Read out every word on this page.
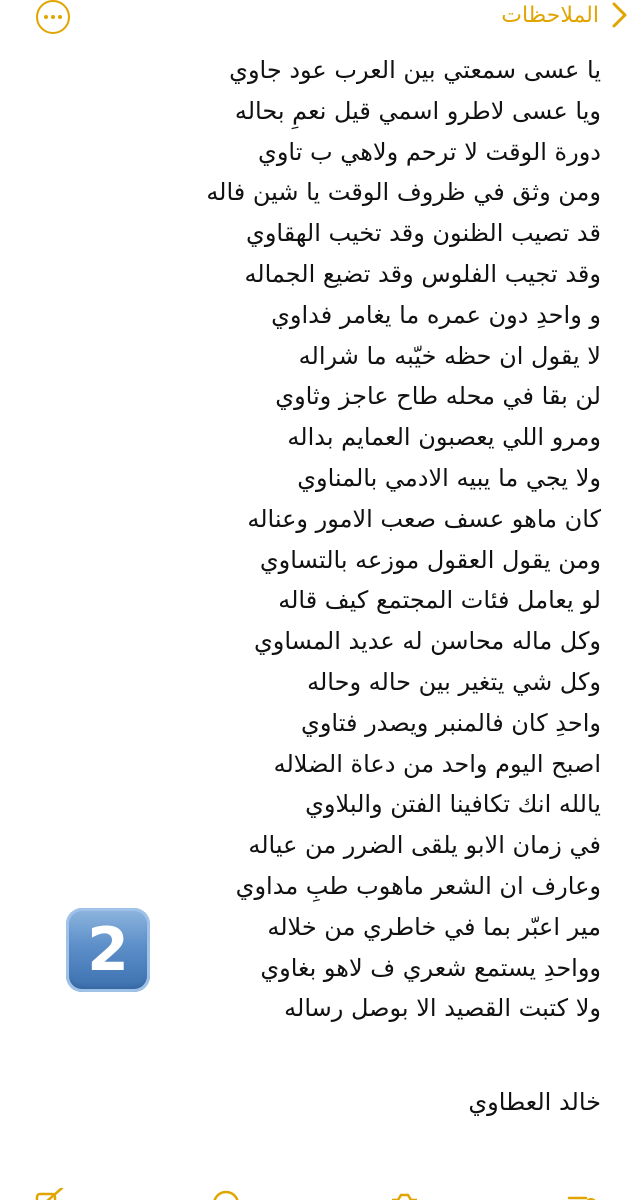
الملاحظات
يا عسى سمعتي بين العرب عود جاوي
ويا عسى لاطرو اسمي قيل نعمِ بحاله
دورة الوقت لا ترحم ولاهي ب تاوي
ومن وثق في ظروف الوقت يا شين فاله
قد تصيب الظنون وقد تخيب الهقاوي
وقد تجيب الفلوس وقد تضيع الجماله
و واحدِ دون عمره ما يغامر فداوي
لا يقول ان حظه خيّبه ما شراله
لن بقا في محله طاح عاجز وثاوي
ومرو اللي يعصبون العمايم بداله
ولا يجي ما يبيه الادمي بالمناوي
كان ماهو عسف صعب الامور وعناله
ومن يقول العقول موزعه بالتساوي
لو يعامل فئات المجتمع كيف قاله
وكل ماله محاسن له عديد المساوي
وكل شي يتغير بين حاله وحاله
واحدِ كان فالمنبر ويصدر فتاوي
اصبح اليوم واحد من دعاة الضلاله
يالله انك تكافينا الفتن والبلاوي
في زمان الابو يلقى الضرر من عياله
وعارف ان الشعر ماهوب طبِ مداوي
مير اعبّر بما في خاطري من خلاله
وواحدِ يستمع شعري ف لاهو بغاوي
ولا كتبت القصيد الا بوصل رساله
خالد العطاوي
2
